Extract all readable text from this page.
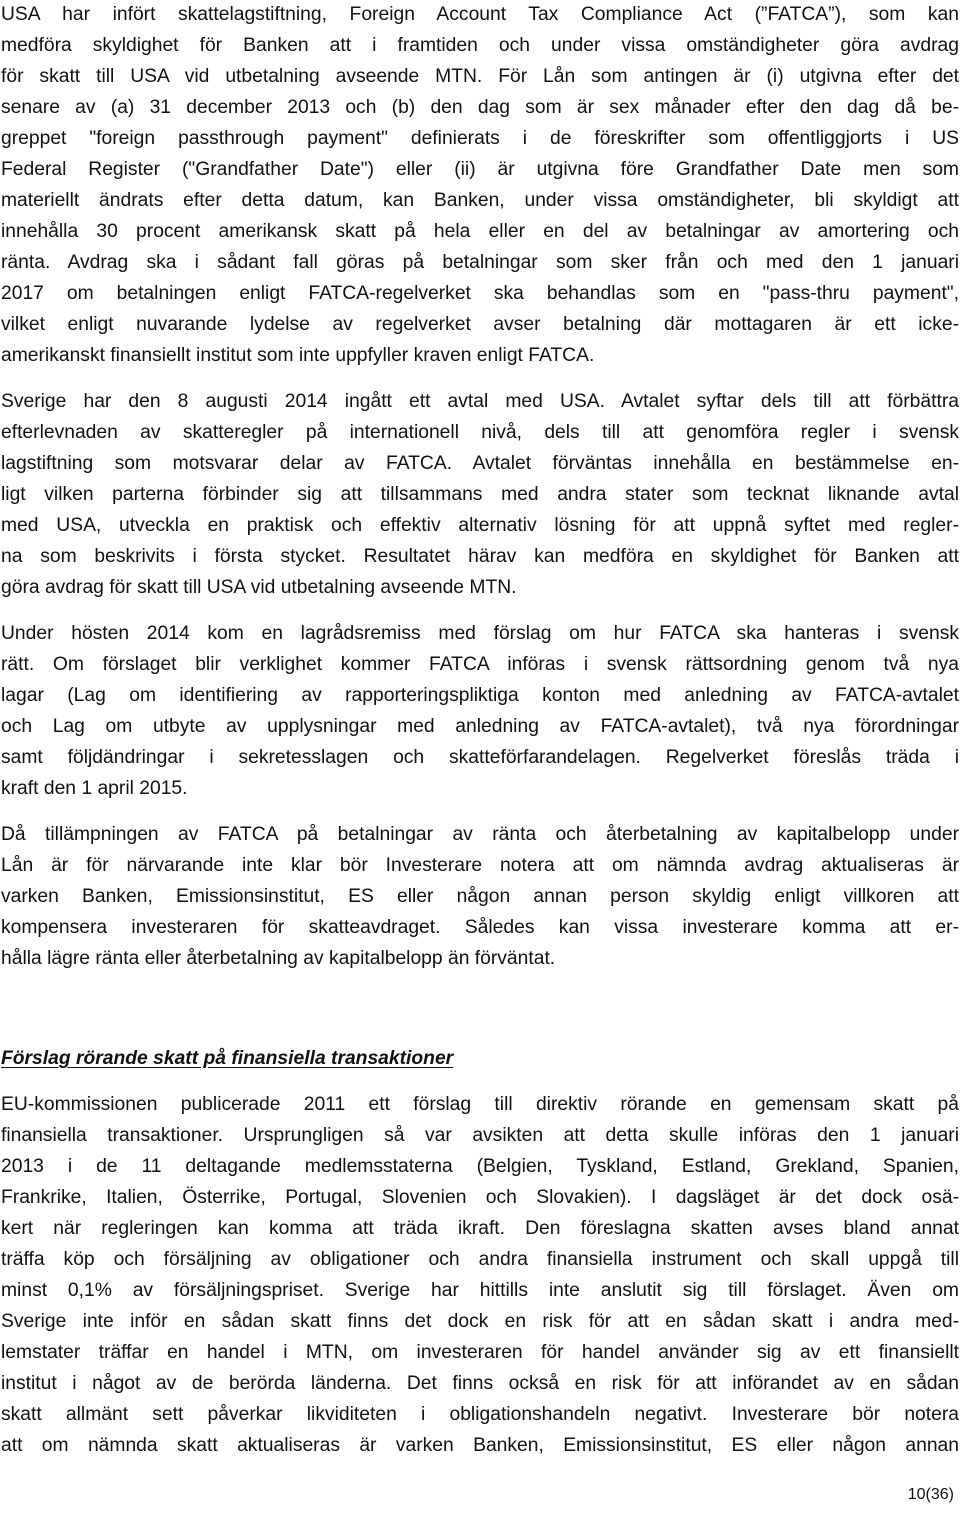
USA har infört skattelagstiftning, Foreign Account Tax Compliance Act (”FATCA”), som kan
medföra skyldighet för Banken att i framtiden och under vissa omständigheter göra avdrag
för skatt till USA vid utbetalning avseende MTN. För Lån som antingen är (i) utgivna efter det
senare av (a) 31 december 2013 och (b) den dag som är sex månader efter den dag då be-
greppet "foreign passthrough payment" definierats i de föreskrifter som offentliggjorts i US
Federal Register ("Grandfather Date") eller (ii) är utgivna före Grandfather Date men som
materiellt ändrats efter detta datum, kan Banken, under vissa omständigheter, bli skyldigt att
innehålla 30 procent amerikansk skatt på hela eller en del av betalningar av amortering och
ränta. Avdrag ska i sådant fall göras på betalningar som sker från och med den 1 januari
2017 om betalningen enligt FATCA-regelverket ska behandlas som en "pass-thru payment",
vilket enligt nuvarande lydelse av regelverket avser betalning där mottagaren är ett icke-
amerikanskt finansiellt institut som inte uppfyller kraven enligt FATCA.
Sverige har den 8 augusti 2014 ingått ett avtal med USA. Avtalet syftar dels till att förbättra
efterlevnaden av skatteregler på internationell nivå, dels till att genomföra regler i svensk
lagstiftning som motsvarar delar av FATCA. Avtalet förväntas innehålla en bestämmelse en-
ligt vilken parterna förbinder sig att tillsammans med andra stater som tecknat liknande avtal
med USA, utveckla en praktisk och effektiv alternativ lösning för att uppnå syftet med regler-
na som beskrivits i första stycket. Resultatet härav kan medföra en skyldighet för Banken att
göra avdrag för skatt till USA vid utbetalning avseende MTN.
Under hösten 2014 kom en lagrådsremiss med förslag om hur FATCA ska hanteras i svensk
rätt. Om förslaget blir verklighet kommer FATCA införas i svensk rättsordning genom två nya
lagar (Lag om identifiering av rapporteringspliktiga konton med anledning av FATCA-avtalet
och Lag om utbyte av upplysningar med anledning av FATCA-avtalet), två nya förordningar
samt följdändringar i sekretesslagen och skatteförfarandelagen. Regelverket föreslås träda i
kraft den 1 april 2015.
Då tillämpningen av FATCA på betalningar av ränta och återbetalning av kapitalbelopp under
Lån är för närvarande inte klar bör Investerare notera att om nämnda avdrag aktualiseras är
varken Banken, Emissionsinstitut, ES eller någon annan person skyldig enligt villkoren att
kompensera investeraren för skatteavdraget. Således kan vissa investerare komma att er-
hålla lägre ränta eller återbetalning av kapitalbelopp än förväntat.
Förslag rörande skatt på finansiella transaktioner
EU-kommissionen publicerade 2011 ett förslag till direktiv rörande en gemensam skatt på
finansiella transaktioner. Ursprungligen så var avsikten att detta skulle införas den 1 januari
2013 i de 11 deltagande medlemsstaterna (Belgien, Tyskland, Estland, Grekland, Spanien,
Frankrike, Italien, Österrike, Portugal, Slovenien och Slovakien). I dagsläget är det dock osä-
kert när regleringen kan komma att träda ikraft. Den föreslagna skatten avses bland annat
träffa köp och försäljning av obligationer och andra finansiella instrument och skall uppgå till
minst 0,1% av försäljningspriset. Sverige har hittills inte anslutit sig till förslaget. Även om
Sverige inte inför en sådan skatt finns det dock en risk för att en sådan skatt i andra med-
lemstater träffar en handel i MTN, om investeraren för handel använder sig av ett finansiellt
institut i något av de berörda länderna. Det finns också en risk för att införandet av en sådan
skatt allmänt sett påverkar likviditeten i obligationshandeln negativt. Investerare bör notera
att om nämnda skatt aktualiseras är varken Banken, Emissionsinstitut, ES eller någon annan
10(36)
